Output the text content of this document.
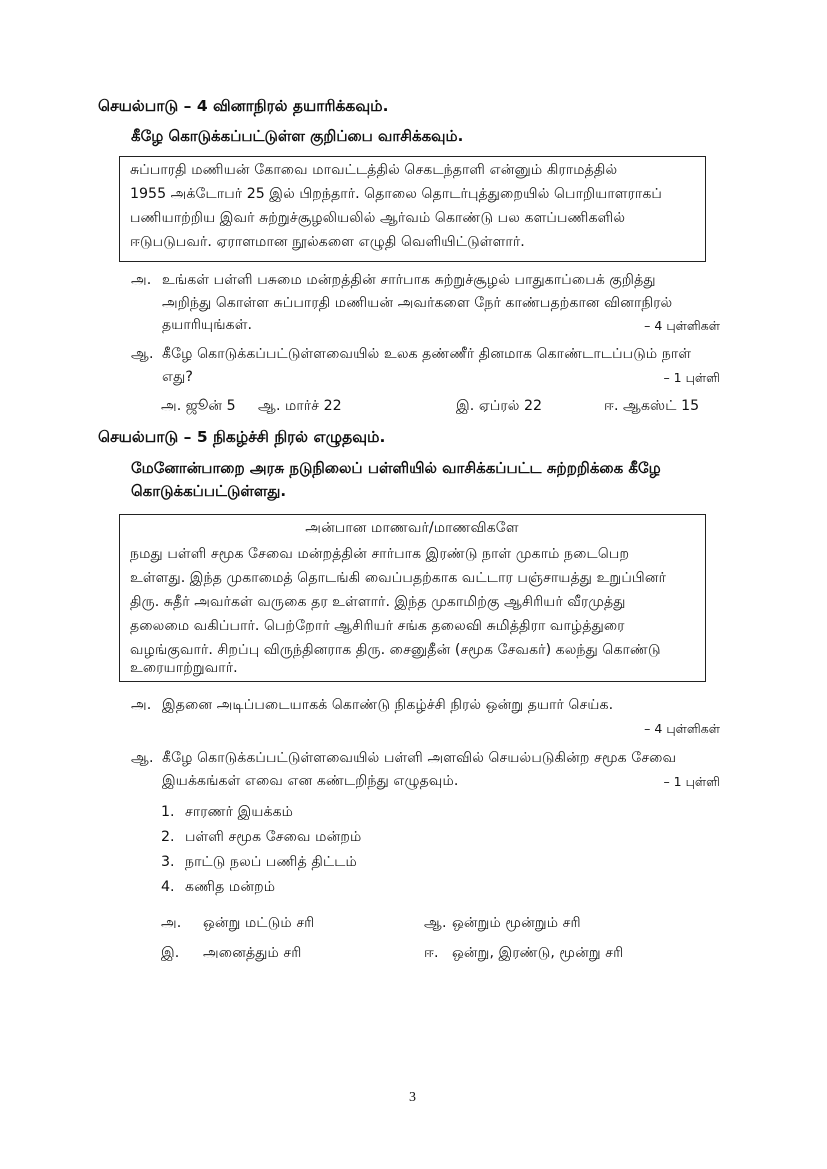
செயல்பாடு – 4 வினாநிரல் தயாரிக்கவும்.
கீழே கொடுக்கப்பட்டுள்ள குறிப்பை வாசிக்கவும்.
சுப்பாரதி மணியன் கோவை மாவட்டத்தில் செகடந்தாளி என்னும் கிராமத்தில்
1955 அக்டோபர் 25 இல் பிறந்தார். தொலை தொடர்புத்துறையில் பொறியாளராகப்
பணியாற்றிய இவர் சுற்றுச்சூழலியலில் ஆர்வம் கொண்டு பல களப்பணிகளில்
ஈடுபடுபவர். ஏராளமான நூல்களை எழுதி வெளியிட்டுள்ளார்.
அ. உங்கள் பள்ளி பசுமை மன்றத்தின் சார்பாக சுற்றுச்சூழல் பாதுகாப்பைக் குறித்து
அறிந்து கொள்ள சுப்பாரதி மணியன் அவர்களை நேர் காண்பதற்கான வினாநிரல்
தயாரியுங்கள்.	– 4 புள்ளிகள்
ஆ. கீழே கொடுக்கப்பட்டுள்ளவையில் உலக தண்ணீர் தினமாக கொண்டாடப்படும் நாள்
எது?	– 1 புள்ளி
அ. ஜூன் 5 ஆ. மார்ச் 22	இ. ஏப்ரல் 22	ஈ. ஆகஸ்ட் 15
செயல்பாடு – 5 நிகழ்ச்சி நிரல் எழுதவும்.
மேனோன்பாறை அரசு நடுநிலைப் பள்ளியில் வாசிக்கப்பட்ட சுற்றறிக்கை கீழே
கொடுக்கப்பட்டுள்ளது.
அன்பான மாணவர்/மாணவிகளே
நமது பள்ளி சமூக சேவை மன்றத்தின் சார்பாக இரண்டு நாள் முகாம் நடைபெற
உள்ளது. இந்த முகாமைத் தொடங்கி வைப்பதற்காக வட்டார பஞ்சாயத்து உறுப்பினர்
திரு. சுதீர் அவர்கள் வருகை தர உள்ளார். இந்த முகாமிற்கு ஆசிரியர் வீரமுத்து
தலைமை வகிப்பார். பெற்றோர் ஆசிரியர் சங்க தலைவி சுமித்திரா வாழ்த்துரை
வழங்குவார். சிறப்பு விருந்தினராக திரு. சைனுதீன் (சமூக சேவகர்) கலந்து கொண்டு
உரையாற்றுவார்.
அ. இதனை அடிப்படையாகக் கொண்டு நிகழ்ச்சி நிரல் ஒன்று தயார் செய்க.
– 4 புள்ளிகள்
ஆ. கீழே கொடுக்கப்பட்டுள்ளவையில் பள்ளி அளவில் செயல்படுகின்ற சமூக சேவை
இயக்கங்கள் எவை என கண்டறிந்து எழுதவும்.	– 1 புள்ளி
1. சாரணர் இயக்கம்
2. பள்ளி சமூக சேவை மன்றம்
3. நாட்டு நலப் பணித் திட்டம்
4. கணித மன்றம்
அ. ஒன்று மட்டும் சரி	ஆ. ஒன்றும் மூன்றும் சரி
இ. அனைத்தும் சரி	ஈ. ஒன்று, இரண்டு, மூன்று சரி
3
